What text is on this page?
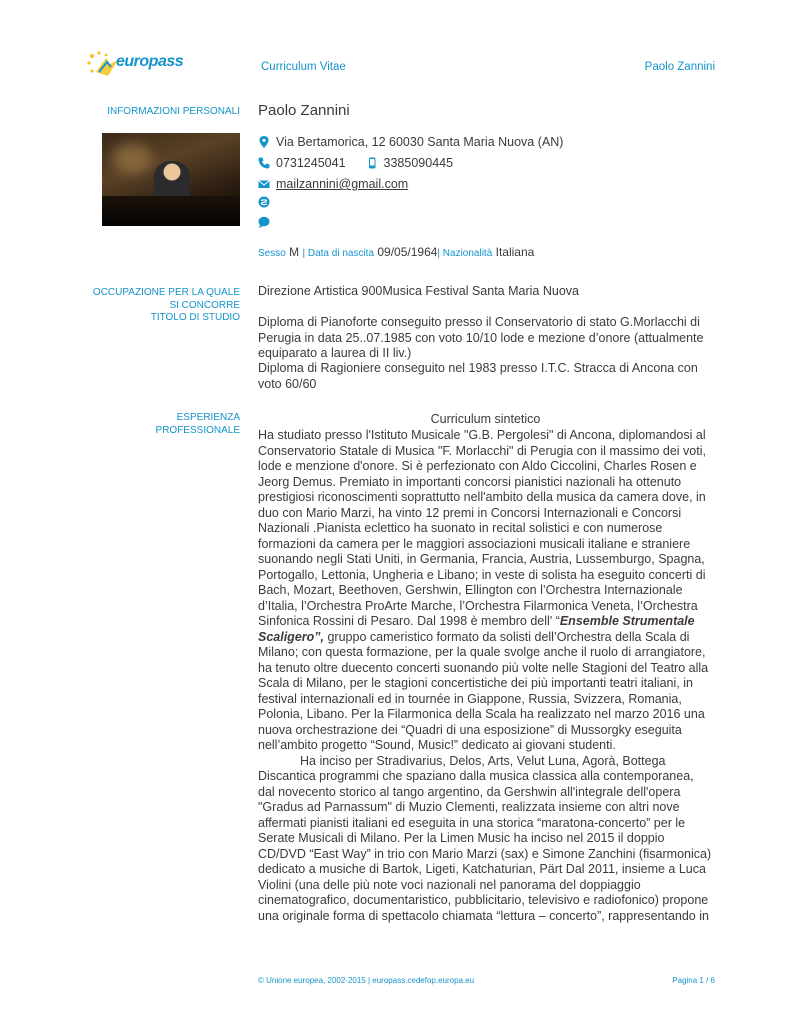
europass	Curriculum Vitae	Paolo Zannini
INFORMAZIONI PERSONALI Paolo Zannini
Via Bertamorica, 12 60030 Santa Maria Nuova (AN)
0731245041	3385090445
mailzannini@gmail.com
Sesso M | Data di nascita 09/05/1964| Nazionalità Italiana
OCCUPAZIONE PER LA QUALE
SI CONCORRE
TITOLO DI STUDIO
Direzione Artistica 900Musica Festival Santa Maria Nuova
Diploma di Pianoforte conseguito presso il Conservatorio di stato G.Morlacchi di Perugia in data 25..07.1985 con voto 10/10 lode e mezione d’onore (attualmente equiparato a laurea di II liv.)
Diploma di Ragioniere conseguito nel 1983 presso I.T.C. Stracca di Ancona con voto 60/60
ESPERIENZA
PROFESSIONALE
Curriculum sintetico

Ha studiato presso l'Istituto Musicale "G.B. Pergolesi" di Ancona, diplomandosi al Conservatorio Statale di Musica "F. Morlacchi" di Perugia con il massimo dei voti, lode e menzione d'onore. Si è perfezionato con Aldo Ciccolini, Charles Rosen e Jeorg Demus. Premiato in importanti concorsi pianistici nazionali ha ottenuto prestigiosi riconoscimenti soprattutto nell'ambito della musica da camera dove, in duo con Mario Marzi, ha vinto 12 premi in Concorsi Internazionali e Concorsi Nazionali .Pianista eclettico ha suonato in recital solistici e con numerose formazioni da camera per le maggiori associazioni musicali italiane e straniere suonando negli Stati Uniti, in Germania, Francia, Austria, Lussemburgo, Spagna, Portogallo, Lettonia, Ungheria e Libano; in veste di solista ha eseguito concerti di Bach, Mozart, Beethoven, Gershwin, Ellington con l’Orchestra Internazionale d’Italia, l’Orchestra ProArte Marche, l’Orchestra Filarmonica Veneta, l’Orchestra Sinfonica Rossini di Pesaro. Dal 1998 è membro dell' “Ensemble Strumentale Scaligero”, gruppo cameristico formato da solisti dell’Orchestra della Scala di Milano; con questa formazione, per la quale svolge anche il ruolo di arrangiatore, ha tenuto oltre duecento concerti suonando più volte nelle Stagioni del Teatro alla Scala di Milano, per le stagioni concertistiche dei più importanti teatri italiani, in festival internazionali ed in tournée in Giappone, Russia, Svizzera, Romania, Polonia, Libano. Per la Filarmonica della Scala ha realizzato nel marzo 2016 una nuova orchestrazione dei “Quadri di una esposizione” di Mussorgky eseguita nell’ambito progetto “Sound, Music!” dedicato ai giovani studenti.

Ha inciso per Stradivarius, Delos, Arts, Velut Luna, Agorà, Bottega Discantica programmi che spaziano dalla musica classica alla contemporanea, dal novecento storico al tango argentino, da Gershwin all'integrale dell'opera "Gradus ad Parnassum" di Muzio Clementi, realizzata insieme con altri nove affermati pianisti italiani ed eseguita in una storica “maratona-concerto” per le Serate Musicali di Milano. Per la Limen Music ha inciso nel 2015 il doppio CD/DVD “East Way” in trio con Mario Marzi (sax) e Simone Zanchini (fisarmonica) dedicato a musiche di Bartok, Ligeti, Katchaturian, Pärt Dal 2011, insieme a Luca Violini (una delle più note voci nazionali nel panorama del doppiaggio cinematografico, documentaristico, pubblicitario, televisivo e radiofonico) propone una originale forma di spettacolo chiamata “lettura – concerto”, rappresentando in

© Unione europea, 2002-2015 | europass.cedefop.europa.eu	Pagina 1 / 6
